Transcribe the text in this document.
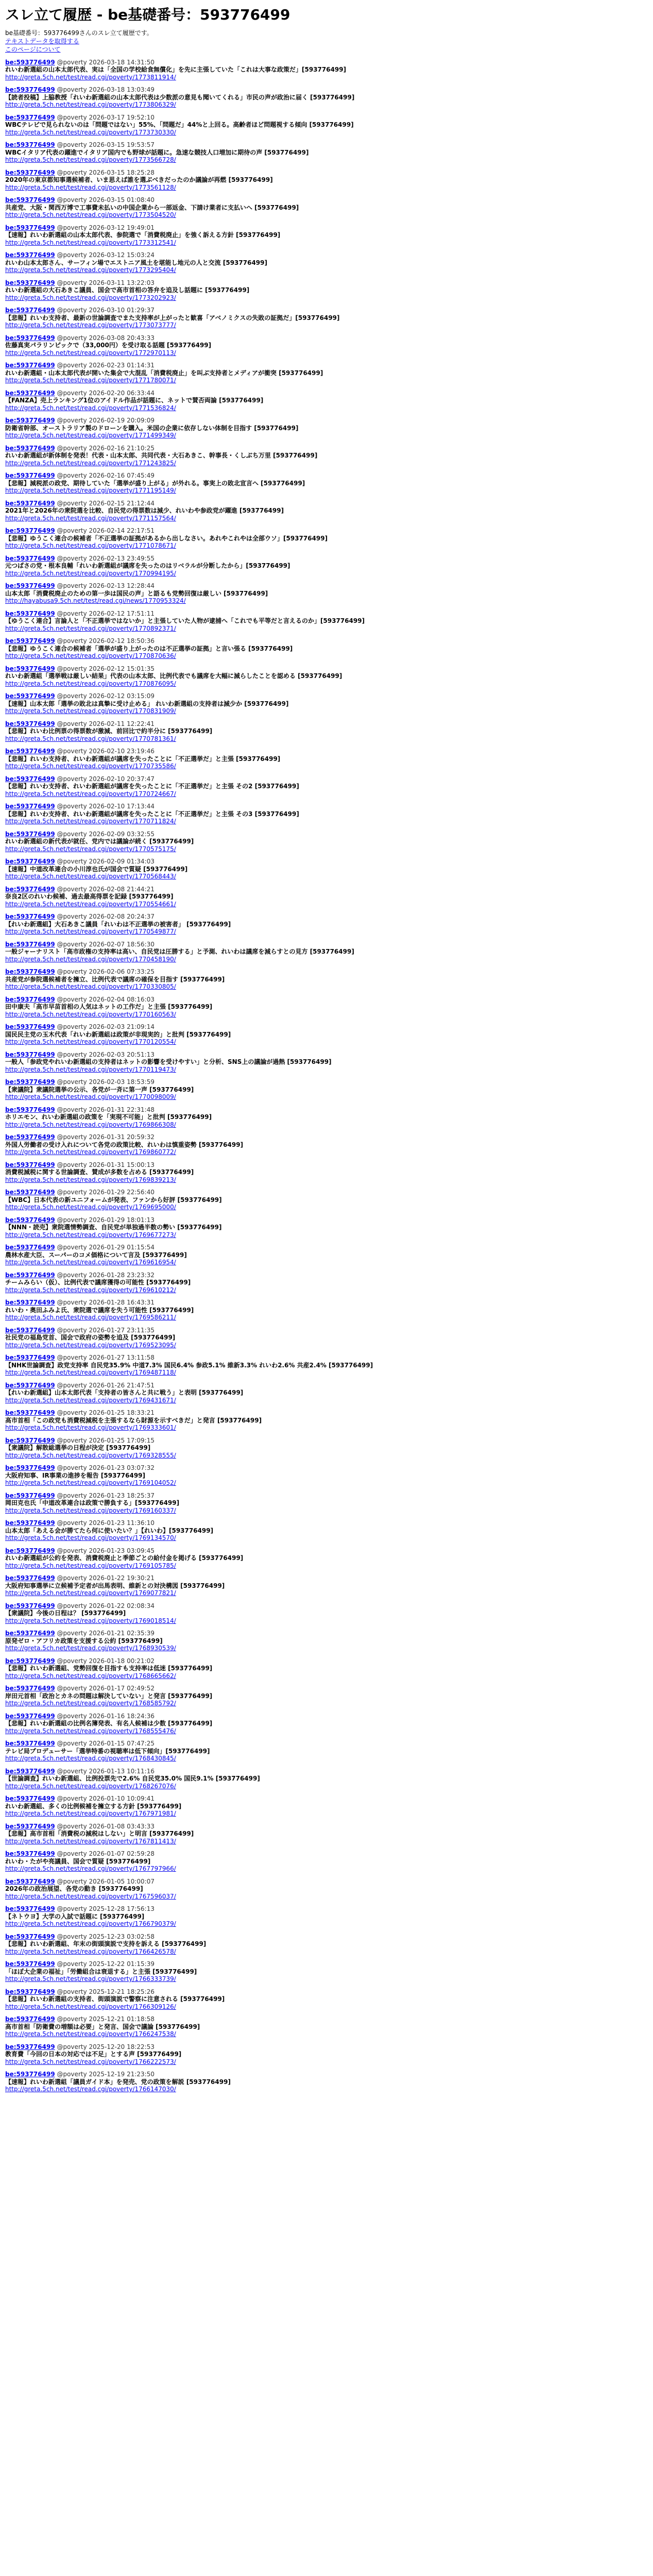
スレ立て履歴 - be基礎番号：593776499
be基礎番号：593776499さんのスレ立て履歴です。
テキストデータを取得する
このページについて
be:593776499 @poverty 2026-03-18 14:31:50
れいわ新選組の山本太郎代表、実は「全国の学校給食無償化」を先に主張していた「これは大事な政策だ」[593776499]
http://greta.5ch.net/test/read.cgi/poverty/1773811914/
be:593776499 @poverty 2026-03-18 13:03:49
【読者投稿】上脇教授「れいわ新選組の山本太郎代表は少数派の意見も聞いてくれる」市民の声が政治に届く [593776499]
http://greta.5ch.net/test/read.cgi/poverty/1773806329/
be:593776499 @poverty 2026-03-17 19:52:10
WBCテレビで見られないのは「問題ではない」55%、「問題だ」44%と上回る。高齢者ほど問題視する傾向 [593776499]
http://greta.5ch.net/test/read.cgi/poverty/1773730330/
be:593776499 @poverty 2026-03-15 19:53:57
WBCイタリア代表の躍進でイタリア国内でも野球が話題に。急速な競技人口増加に期待の声 [593776499]
http://greta.5ch.net/test/read.cgi/poverty/1773566728/
be:593776499 @poverty 2026-03-15 18:25:28
2020年の東京都知事選候補者、いま思えば誰を選ぶべきだったのか議論が再燃 [593776499]
http://greta.5ch.net/test/read.cgi/poverty/1773561128/
be:593776499 @poverty 2026-03-15 01:08:40
共産党、大阪・関西万博で工事費未払いの中国企業から一部返金、下請け業者に支払いへ [593776499]
http://greta.5ch.net/test/read.cgi/poverty/1773504520/
be:593776499 @poverty 2026-03-12 19:49:01
【速報】れいわ新選組の山本太郎代表、参院選で「消費税廃止」を強く訴える方針 [593776499]
http://greta.5ch.net/test/read.cgi/poverty/1773312541/
be:593776499 @poverty 2026-03-12 15:03:24
れいわ山本太郎さん、サーフィン場でエストニア風土を堪能し地元の人と交流 [593776499]
http://greta.5ch.net/test/read.cgi/poverty/1773295404/
be:593776499 @poverty 2026-03-11 13:22:03
れいわ新選組の大石あきこ議員、国会で高市首相の答弁を追及し話題に [593776499]
http://greta.5ch.net/test/read.cgi/poverty/1773202923/
be:593776499 @poverty 2026-03-10 01:29:37
【悲報】れいわ支持者、最新の世論調査でまた支持率が上がったと歓喜「アベノミクスの失敗の証拠だ」[593776499]
http://greta.5ch.net/test/read.cgi/poverty/1773073777/
be:593776499 @poverty 2026-03-08 20:43:33
佐藤真実パラリンピックで（33,000円）を受け取る話題 [593776499]
http://greta.5ch.net/test/read.cgi/poverty/1772970113/
be:593776499 @poverty 2026-02-23 01:14:31
れいわ新選組・山本太郎代表が開いた集会で大混乱「消費税廃止」を叫ぶ支持者とメディアが衝突 [593776499]
http://greta.5ch.net/test/read.cgi/poverty/1771780071/
be:593776499 @poverty 2026-02-20 06:33:44
【FANZA】売上ランキング1位のアイドル作品が話題に、ネットで賛否両論 [593776499]
http://greta.5ch.net/test/read.cgi/poverty/1771536824/
be:593776499 @poverty 2026-02-19 20:09:09
防衛省幹部、オーストラリア製のドローンを購入。米国の企業に依存しない体制を目指す [593776499]
http://greta.5ch.net/test/read.cgi/poverty/1771499349/
be:593776499 @poverty 2026-02-16 21:10:25
れいわ新選組が新体制を発表！代表・山本太郎、共同代表・大石あきこ、幹事長・くしぶち万里 [593776499]
http://greta.5ch.net/test/read.cgi/poverty/1771243825/
be:593776499 @poverty 2026-02-16 07:45:49
【悲報】減税派の政党、期待していた「選挙が盛り上がる」が外れる。事実上の敗北宣言へ [593776499]
http://greta.5ch.net/test/read.cgi/poverty/1771195149/
be:593776499 @poverty 2026-02-15 21:12:44
2021年と2026年の衆院選を比較、自民党の得票数は減少、れいわや参政党が躍進 [593776499]
http://greta.5ch.net/test/read.cgi/poverty/1771157564/
be:593776499 @poverty 2026-02-14 22:17:51
【悲報】ゆうこく連合の候補者「不正選挙の証拠があるから出しなさい。あれやこれやは全部ウソ」[593776499]
http://greta.5ch.net/test/read.cgi/poverty/1771078671/
be:593776499 @poverty 2026-02-13 23:49:55
元つばさの党・根本良輔「れいわ新選組が議席を失ったのはリベラルが分断したから」[593776499]
http://greta.5ch.net/test/read.cgi/poverty/1770994195/
be:593776499 @poverty 2026-02-13 12:28:44
山本太郎「消費税廃止のための第一歩は国民の声」と語るも党勢回復は厳しい [593776499]
http://hayabusa9.5ch.net/test/read.cgi/news/1770953324/
be:593776499 @poverty 2026-02-12 17:51:11
【ゆうこく連合】言論人と「不正選挙ではないか」と主張していた人物が逮捕へ「これでも平等だと言えるのか」[593776499]
http://greta.5ch.net/test/read.cgi/poverty/1770892371/
be:593776499 @poverty 2026-02-12 18:50:36
【悲報】ゆうこく連合の候補者「選挙が盛り上がったのは不正選挙の証拠」と言い張る [593776499]
http://greta.5ch.net/test/read.cgi/poverty/1770870636/
be:593776499 @poverty 2026-02-12 15:01:35
れいわ新選組「選挙戦は厳しい結果」代表の山本太郎、比例代表でも議席を大幅に減らしたことを認める [593776499]
http://greta.5ch.net/test/read.cgi/poverty/1770876095/
be:593776499 @poverty 2026-02-12 03:15:09
【速報】山本太郎「選挙の敗北は真摯に受け止める」 れいわ新選組の支持者は減少か [593776499]
http://greta.5ch.net/test/read.cgi/poverty/1770831909/
be:593776499 @poverty 2026-02-11 12:22:41
【悲報】れいわ比例票の得票数が激減、前回比で約半分に [593776499]
http://greta.5ch.net/test/read.cgi/poverty/1770781361/
be:593776499 @poverty 2026-02-10 23:19:46
【悲報】れいわ支持者、れいわ新選組が議席を失ったことに「不正選挙だ」と主張 [593776499]
http://greta.5ch.net/test/read.cgi/poverty/1770735586/
be:593776499 @poverty 2026-02-10 20:37:47
【悲報】れいわ支持者、れいわ新選組が議席を失ったことに「不正選挙だ」と主張 その2 [593776499]
http://greta.5ch.net/test/read.cgi/poverty/1770724667/
be:593776499 @poverty 2026-02-10 17:13:44
【悲報】れいわ支持者、れいわ新選組が議席を失ったことに「不正選挙だ」と主張 その3 [593776499]
http://greta.5ch.net/test/read.cgi/poverty/1770711824/
be:593776499 @poverty 2026-02-09 03:32:55
れいわ新選組の新代表が就任、党内では議論が続く [593776499]
http://greta.5ch.net/test/read.cgi/poverty/1770575175/
be:593776499 @poverty 2026-02-09 01:34:03
【速報】中道改革連合の小川淳也氏が国会で質疑 [593776499]
http://greta.5ch.net/test/read.cgi/poverty/1770568443/
be:593776499 @poverty 2026-02-08 21:44:21
奈良2区のれいわ候補、過去最高得票を記録 [593776499]
http://greta.5ch.net/test/read.cgi/poverty/1770554661/
be:593776499 @poverty 2026-02-08 20:24:37
【れいわ新選組】大石あきこ議員「れいわは不正選挙の被害者」 [593776499]
http://greta.5ch.net/test/read.cgi/poverty/1770549877/
be:593776499 @poverty 2026-02-07 18:56:30
一般ジャーナリスト「高市政権の支持率は高い、自民党は圧勝する」と予測、れいわは議席を減らすとの見方 [593776499]
http://greta.5ch.net/test/read.cgi/poverty/1770458190/
be:593776499 @poverty 2026-02-06 07:33:25
共産党が参院選候補者を擁立、比例代表で議席の確保を目指す [593776499]
http://greta.5ch.net/test/read.cgi/poverty/1770330805/
be:593776499 @poverty 2026-02-04 08:16:03
田中康夫「高市早苗首相の人気はネットの工作だ」と主張 [593776499]
http://greta.5ch.net/test/read.cgi/poverty/1770160563/
be:593776499 @poverty 2026-02-03 21:09:14
国民民主党の玉木代表「れいわ新選組は政策が非現実的」と批判 [593776499]
http://greta.5ch.net/test/read.cgi/poverty/1770120554/
be:593776499 @poverty 2026-02-03 20:51:13
一般人「参政党やれいわ新選組の支持者はネットの影響を受けやすい」と分析、SNS上の議論が過熱 [593776499]
http://greta.5ch.net/test/read.cgi/poverty/1770119473/
be:593776499 @poverty 2026-02-03 18:53:59
【衆議院】衆議院選挙の公示、各党が一斉に第一声 [593776499]
http://greta.5ch.net/test/read.cgi/poverty/1770098009/
be:593776499 @poverty 2026-01-31 22:31:48
ホリエモン、れいわ新選組の政策を「実現不可能」と批判 [593776499]
http://greta.5ch.net/test/read.cgi/poverty/1769866308/
be:593776499 @poverty 2026-01-31 20:59:32
外国人労働者の受け入れについて各党の政策比較、れいわは慎重姿勢 [593776499]
http://greta.5ch.net/test/read.cgi/poverty/1769860772/
be:593776499 @poverty 2026-01-31 15:00:13
消費税減税に関する世論調査、賛成が多数を占める [593776499]
http://greta.5ch.net/test/read.cgi/poverty/1769839213/
be:593776499 @poverty 2026-01-29 22:56:40
【WBC】日本代表の新ユニフォームが発表、ファンから好評 [593776499]
http://greta.5ch.net/test/read.cgi/poverty/1769695000/
be:593776499 @poverty 2026-01-29 18:01:13
【NNN・読売】衆院選情勢調査、自民党が単独過半数の勢い [593776499]
http://greta.5ch.net/test/read.cgi/poverty/1769677273/
be:593776499 @poverty 2026-01-29 01:15:54
農林水産大臣、スーパーのコメ価格について言及 [593776499]
http://greta.5ch.net/test/read.cgi/poverty/1769616954/
be:593776499 @poverty 2026-01-28 23:23:32
チームみらい（仮）、比例代表で議席獲得の可能性 [593776499]
http://greta.5ch.net/test/read.cgi/poverty/1769610212/
be:593776499 @poverty 2026-01-28 16:43:31
れいわ・奥田ふみよ氏、衆院選で議席を失う可能性 [593776499]
http://greta.5ch.net/test/read.cgi/poverty/1769586211/
be:593776499 @poverty 2026-01-27 23:11:35
社民党の福島党首、国会で政府の姿勢を追及 [593776499]
http://greta.5ch.net/test/read.cgi/poverty/1769523095/
be:593776499 @poverty 2026-01-27 13:11:58
【NHK世論調査】政党支持率 自民党35.9% 中道7.3% 国民6.4% 参政5.1% 維新3.3% れいわ2.6% 共産2.4% [593776499]
http://greta.5ch.net/test/read.cgi/poverty/1769487118/
be:593776499 @poverty 2026-01-26 21:47:51
【れいわ新選組】山本太郎代表「支持者の皆さんと共に戦う」と表明 [593776499]
http://greta.5ch.net/test/read.cgi/poverty/1769431671/
be:593776499 @poverty 2026-01-25 18:33:21
高市首相「この政党も消費税減税を主張するなら財源を示すべきだ」と発言 [593776499]
http://greta.5ch.net/test/read.cgi/poverty/1769333601/
be:593776499 @poverty 2026-01-25 17:09:15
【衆議院】解散総選挙の日程が決定 [593776499]
http://greta.5ch.net/test/read.cgi/poverty/1769328555/
be:593776499 @poverty 2026-01-23 03:07:32
大阪府知事、IR事業の進捗を報告 [593776499]
http://greta.5ch.net/test/read.cgi/poverty/1769104052/
be:593776499 @poverty 2026-01-23 18:25:37
岡田克也氏「中道改革連合は政策で勝負する」[593776499]
http://greta.5ch.net/test/read.cgi/poverty/1769160337/
be:593776499 @poverty 2026-01-23 11:36:10
山本太郎「あえる会が勝てたら何に使いたい？」【れいわ】[593776499]
http://greta.5ch.net/test/read.cgi/poverty/1769134570/
be:593776499 @poverty 2026-01-23 03:09:45
れいわ新選組が公約を発表、消費税廃止と季節ごとの給付金を掲げる [593776499]
http://greta.5ch.net/test/read.cgi/poverty/1769105785/
be:593776499 @poverty 2026-01-22 19:30:21
大阪府知事選挙に立候補予定者が出馬表明、維新との対決構図 [593776499]
http://greta.5ch.net/test/read.cgi/poverty/1769077821/
be:593776499 @poverty 2026-01-22 02:08:34
【衆議院】今後の日程は？ [593776499]
http://greta.5ch.net/test/read.cgi/poverty/1769018514/
be:593776499 @poverty 2026-01-21 02:35:39
原発ゼロ・アフリカ政策を支援する公約 [593776499]
http://greta.5ch.net/test/read.cgi/poverty/1768930539/
be:593776499 @poverty 2026-01-18 00:21:02
【悲報】れいわ新選組、党勢回復を目指すも支持率は低迷 [593776499]
http://greta.5ch.net/test/read.cgi/poverty/1768665662/
be:593776499 @poverty 2026-01-17 02:49:52
岸田元首相「政治とカネの問題は解決していない」と発言 [593776499]
http://greta.5ch.net/test/read.cgi/poverty/1768585792/
be:593776499 @poverty 2026-01-16 18:24:36
【悲報】れいわ新選組の比例名簿発表、有名人候補は少数 [593776499]
http://greta.5ch.net/test/read.cgi/poverty/1768555476/
be:593776499 @poverty 2026-01-15 07:47:25
テレビ局プロデューサー「選挙特番の視聴率は低下傾向」[593776499]
http://greta.5ch.net/test/read.cgi/poverty/1768430845/
be:593776499 @poverty 2026-01-13 10:11:16
【世論調査】れいわ新選組、比例投票先で2.6% 自民党35.0% 国民9.1% [593776499]
http://greta.5ch.net/test/read.cgi/poverty/1768267076/
be:593776499 @poverty 2026-01-10 10:09:41
れいわ新選組、多くの比例候補を擁立する方針 [593776499]
http://greta.5ch.net/test/read.cgi/poverty/1767971981/
be:593776499 @poverty 2026-01-08 03:43:33
【悲報】高市首相「消費税の減税はしない」と明言 [593776499]
http://greta.5ch.net/test/read.cgi/poverty/1767811413/
be:593776499 @poverty 2026-01-07 02:59:28
れいわ・たがや亮議員、国会で質疑 [593776499]
http://greta.5ch.net/test/read.cgi/poverty/1767797966/
be:593776499 @poverty 2026-01-05 10:00:07
2026年の政治展望、各党の動き [593776499]
http://greta.5ch.net/test/read.cgi/poverty/1767596037/
be:593776499 @poverty 2025-12-28 17:56:13
【ネトウヨ】大学の入試で話題に [593776499]
http://greta.5ch.net/test/read.cgi/poverty/1766790379/
be:593776499 @poverty 2025-12-23 03:02:58
【悲報】れいわ新選組、年末の街頭演説で支持を訴える [593776499]
http://greta.5ch.net/test/read.cgi/poverty/1766426578/
be:593776499 @poverty 2025-12-22 01:15:39
「ほぼ大企業の福祉」「労働組合は衰退する」と主張 [593776499]
http://greta.5ch.net/test/read.cgi/poverty/1766333739/
be:593776499 @poverty 2025-12-21 18:25:26
【悲報】れいわ新選組の支持者、街頭演説で警察に注意される [593776499]
http://greta.5ch.net/test/read.cgi/poverty/1766309126/
be:593776499 @poverty 2025-12-21 01:18:58
高市首相「防衛費の増額は必要」と発言、国会で議論 [593776499]
http://greta.5ch.net/test/read.cgi/poverty/1766247538/
be:593776499 @poverty 2025-12-20 18:22:53
教育費「今回の日本の対応では不足」とする声 [593776499]
http://greta.5ch.net/test/read.cgi/poverty/1766222573/
be:593776499 @poverty 2025-12-19 21:23:50
【速報】れいわ新選組「議員ガイド本」を発売、党の政策を解説 [593776499]
http://greta.5ch.net/test/read.cgi/poverty/1766147030/
